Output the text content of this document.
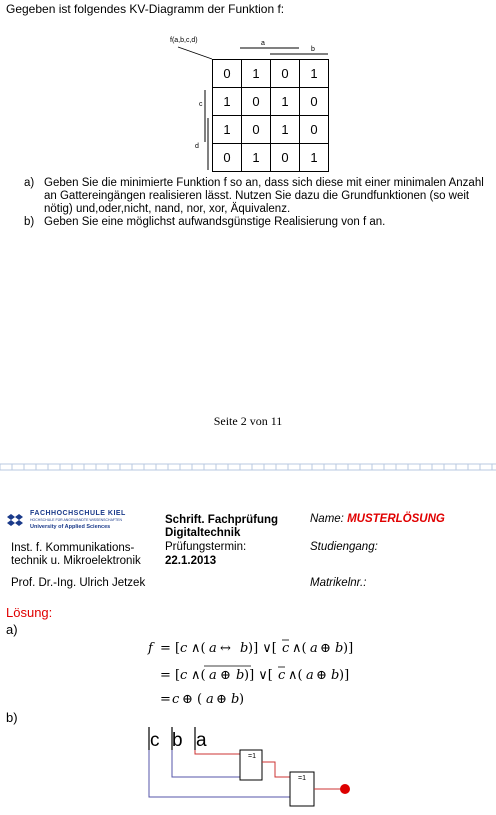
Gegeben ist folgendes KV-Diagramm der Funktion f:
f(a,b,c,d)	a
b
c
d
0	1	0	1
1	0	1	0
1	0	1	0
0	1	0	1
a) Geben Sie die minimierte Funktion f so an, dass sich diese mit einer minimalen Anzahl an Gattereingängen realisieren lässt. Nutzen Sie dazu die Grundfunktionen (so weit nötig) und,oder,nicht, nand, nor, xor, Äquivalenz.
b) Geben Sie eine möglichst aufwandsgünstige Realisierung von f an.
Seite 2 von 11
FACHHOCHSCHULE KIEL
HOCHSCHULE FÜR ANGEWANDTE WISSENSCHAFTEN
University of Applied Sciences
Inst. f. Kommunikations-
technik u. Mikroelektronik
Prof. Dr.-Ing. Ulrich Jetzek
Schrift. Fachprüfung
Digitaltechnik
Prüfungstermin:
22.1.2013
Name: MUSTERLÖSUNG
Studiengang:
Matrikelnr.:
Lösung:
a)
f = [ c ∧( a ↔ b )] ∨[ c ∧( a ⊕ b )]
= [ c ∧( a ⊕ b )] ∨[ c ∧( a ⊕ b )]
= c ⊕ ( a ⊕ b )
b)
c b a
=1
=1
